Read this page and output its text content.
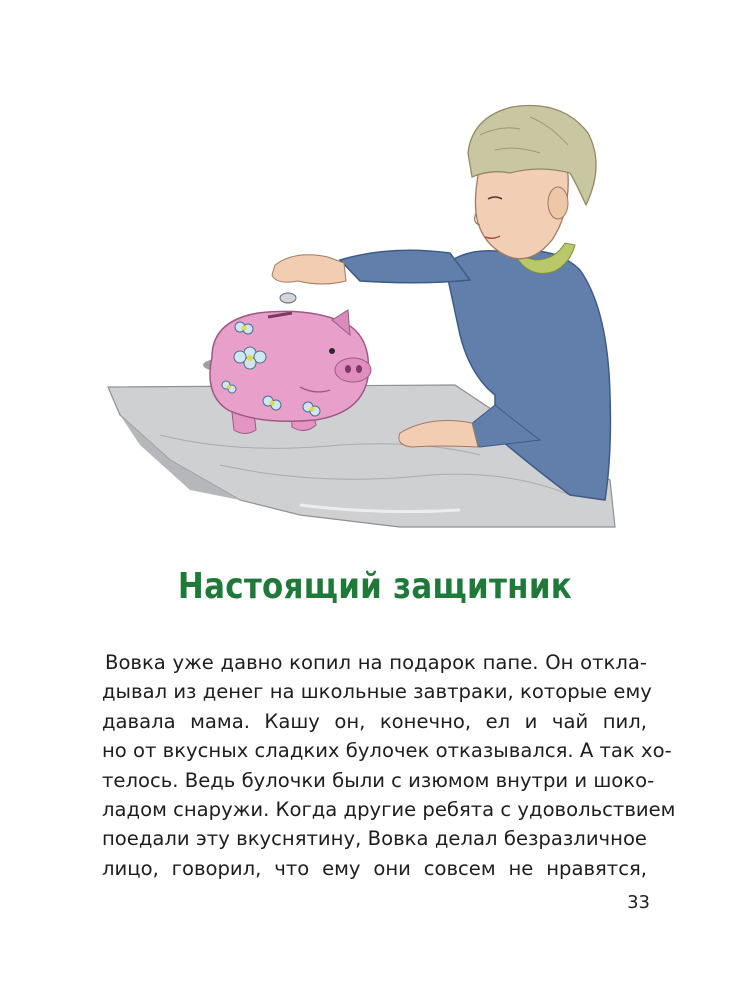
Настоящий защитник
Вовка уже давно копил на подарок папе. Он откла-
дывал из денег на школьные завтраки, которые ему
давала мама. Кашу он, конечно, ел и чай пил,
но от вкусных сладких булочек отказывался. А так хо-
телось. Ведь булочки были с изюмом внутри и шоко-
ладом снаружи. Когда другие ребята с удовольствием
поедали эту вкуснятину, Вовка делал безразличное
лицо, говорил, что ему они совсем не нравятся,
33
